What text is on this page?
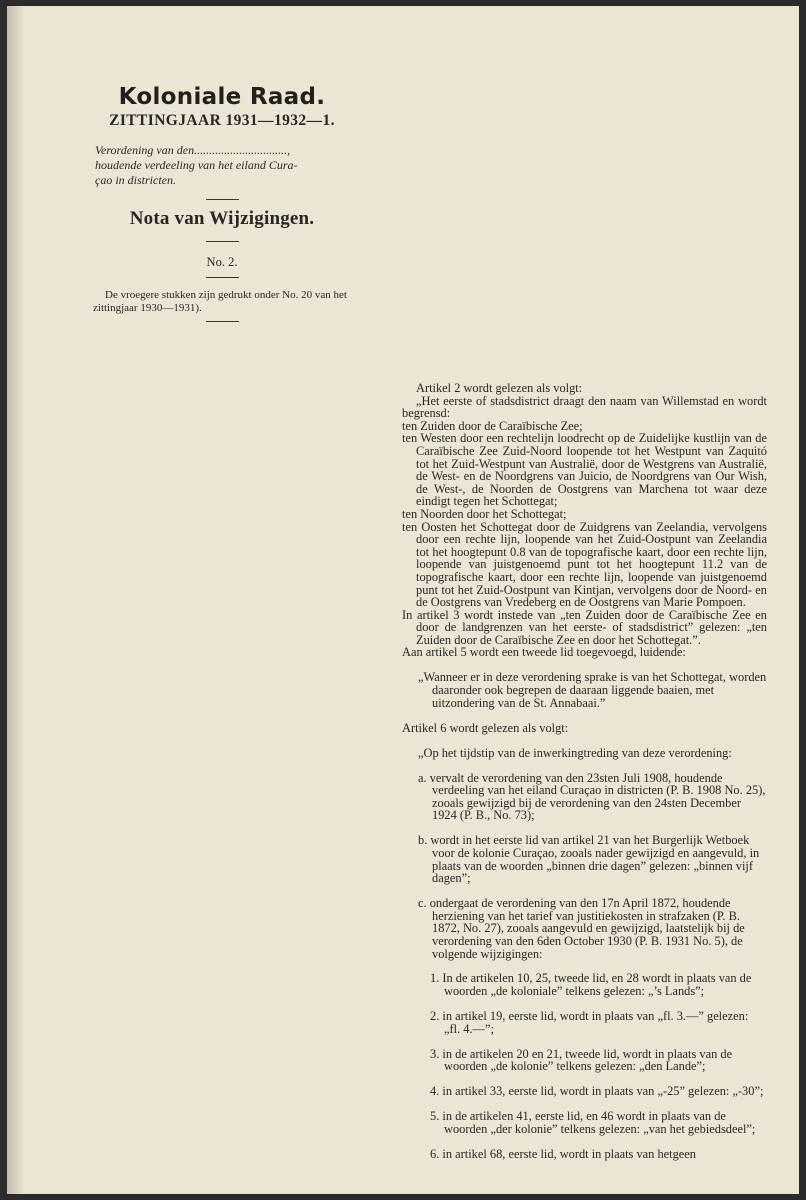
Koloniale Raad.
ZITTINGJAAR 1931—1932—1.
Verordening van den...............................,
houdende verdeeling van het eiland Cura-
çao in districten.
Nota van Wijzigingen.
No. 2.
De vroegere stukken zijn gedrukt onder No. 20 van het zittingjaar 1930—1931).

Artikel 2 wordt gelezen als volgt:

„Het eerste of stadsdistrict draagt den naam van Willemstad en wordt begrensd:

ten Zuiden door de Caraïbische Zee;

ten Westen door een rechtelijn loodrecht op de Zuidelijke kustlijn van de Caraïbische Zee Zuid-Noord loopende tot het Westpunt van Zaquitó tot het Zuid-Westpunt van Australië, door de Westgrens van Australië, de West- en de Noordgrens van Juicio, de Noordgrens van Our Wish, de West-, de Noorden de Oostgrens van Marchena tot waar deze eindigt tegen het Schottegat;

ten Noorden door het Schottegat;

ten Oosten het Schottegat door de Zuidgrens van Zeelandia, vervolgens door een rechte lijn, loopende van het Zuid-Oostpunt van Zeelandia tot het hoogtepunt 0.8 van de topografische kaart, door een rechte lijn, loopende van juistgenoemd punt tot het hoogtepunt 11.2 van de topografische kaart, door een rechte lijn, loopende van juistgenoemd punt tot het Zuid-Oostpunt van Kintjan, vervolgens door de Noord- en de Oostgrens van Vredeberg en de Oostgrens van Marie Pompoen.

In artikel 3 wordt instede van „ten Zuiden door de Caraïbische Zee en door de landgrenzen van het eerste- of stadsdistrict” gelezen: „ten Zuiden door de Caraïbische Zee en door het Schottegat.”.

Aan artikel 5 wordt een tweede lid toegevoegd, luidende:

„Wanneer er in deze verordening sprake is van het Schottegat, worden daaronder ook begrepen de daaraan liggende baaien, met uitzondering van de St. Annabaai.”

Artikel 6 wordt gelezen als volgt:

„Op het tijdstip van de inwerkingtreding van deze verordening:

a. vervalt de verordening van den 23sten Juli 1908, houdende verdeeling van het eiland Curaçao in districten (P. B. 1908 No. 25), zooals gewijzigd bij de verordening van den 24sten December 1924 (P. B., No. 73);

b. wordt in het eerste lid van artikel 21 van het Burgerlijk Wetboek voor de kolonie Curaçao, zooals nader gewijzigd en aangevuld, in plaats van de woorden „binnen drie dagen” gelezen: „binnen vijf dagen”;

c. ondergaat de verordening van den 17n April 1872, houdende herziening van het tarief van justitiekosten in strafzaken (P. B. 1872, No. 27), zooals aangevuld en gewijzigd, laatstelijk bij de verordening van den 6den October 1930 (P. B. 1931 No. 5), de volgende wijzigingen:

1. In de artikelen 10, 25, tweede lid, en 28 wordt in plaats van de woorden „de koloniale” telkens gelezen: „’s Lands”;

2. in artikel 19, eerste lid, wordt in plaats van „fl. 3.—” gelezen: „fl. 4.—”;

3. in de artikelen 20 en 21, tweede lid, wordt in plaats van de woorden „de kolonie” telkens gelezen: „den Lande”;

4. in artikel 33, eerste lid, wordt in plaats van „-25” gelezen: „-30”;

5. in de artikelen 41, eerste lid, en 46 wordt in plaats van de woorden „der kolonie” telkens gelezen: „van het gebiedsdeel”;

6. in artikel 68, eerste lid, wordt in plaats van hetgeen
